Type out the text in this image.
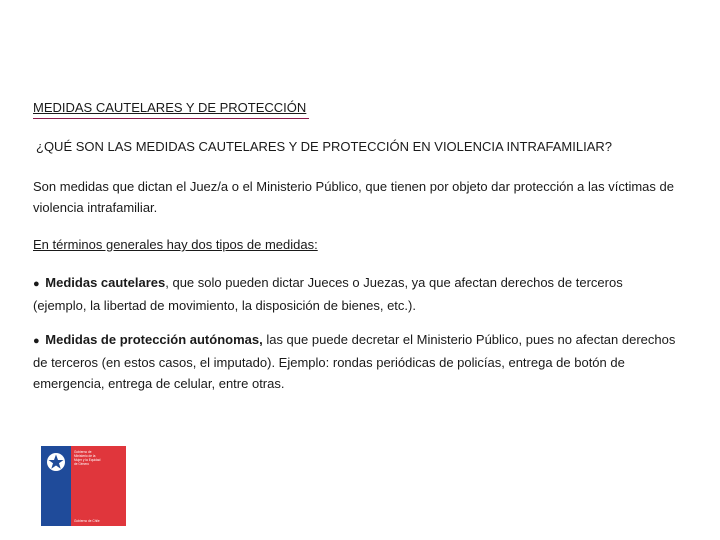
MEDIDAS CAUTELARES Y DE PROTECCIÓN
¿QUÉ SON LAS MEDIDAS CAUTELARES Y DE PROTECCIÓN EN VIOLENCIA INTRAFAMILIAR?
Son medidas que dictan el Juez/a o el Ministerio Público, que tienen por objeto dar protección a las víctimas de violencia intrafamiliar.
En términos generales hay dos tipos de medidas:
● Medidas cautelares, que solo pueden dictar Jueces o Juezas, ya que afectan derechos de terceros (ejemplo, la libertad de movimiento, la disposición de bienes, etc.).
● Medidas de protección autónomas, las que puede decretar el Ministerio Público, pues no afectan derechos de terceros (en estos casos, el imputado). Ejemplo: rondas periódicas de policías, entrega de botón de emergencia, entrega de celular, entre otras.
Gobierno de
Ministerio de la
Mujer y la Equidad
de Género
Gobierno de Chile
